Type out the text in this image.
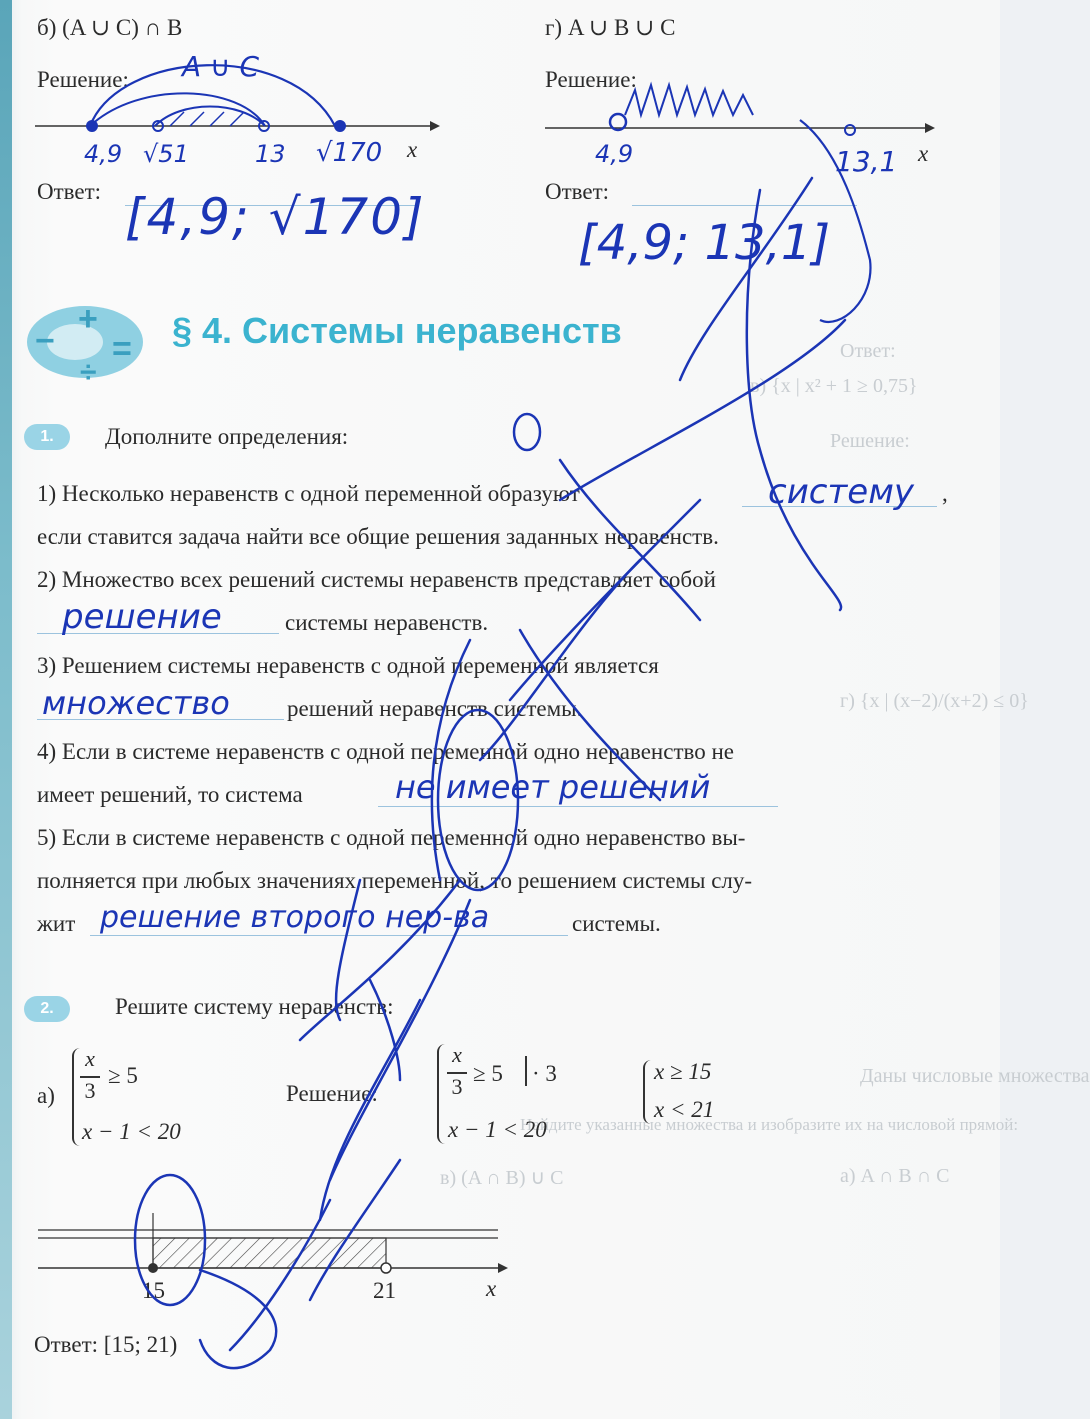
Решение:
Ответ:
в) {x | x² + 1 ≥ 0,75}
г) {x | (x−2)/(x+2) ≤ 0}
Даны числовые множества
Найдите указанные множества и изобразите их на числовой прямой:
а) A ∩ B ∩ C
в) (A ∩ B) ∪ C
б) (A ∪ C) ∩ B
Решение:
Ответ:
x
4,9 √51	13 √170
A ∪ C
[4,9; √170]
г) A ∪ B ∪ C
Решение:
Ответ:
x
4,9	13,1
[4,9; 13,1]
−
+
=
÷
§ 4. Системы неравенств
1.	Дополните определения:
1) Несколько неравенств с одной переменной образуют	,
систему
если ставится задача найти все общие решения заданных неравенств.
2) Множество всех решений системы неравенств представляет собой
решение	системы неравенств.
3) Решением системы неравенств с одной переменной является
множество решений неравенств системы.
4) Если в системе неравенств с одной переменной одно неравенство не
имеет решений, то система	не имеет решений
5) Если в системе неравенств с одной переменной одно неравенство вы-
полняется при любых значениях переменной, то решением системы слу-
жит решение второго нер-ва	системы.
2.	Решите систему неравенств:
а)
x
3
≥ 5
x − 1 < 20
Решение:
x
3
≥ 5 · 3
x − 1 < 20
x ≥ 15
x < 21
15	21	x
Ответ: [15; 21)
